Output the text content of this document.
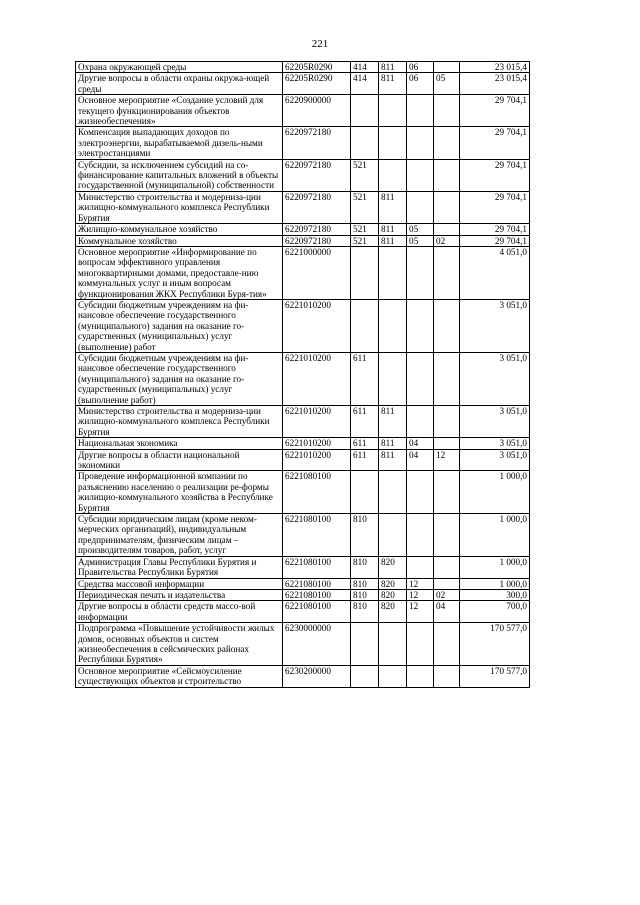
221
Охрана окружающей среды	62205R0290	414	811	06		23 015,4
Другие вопросы в области охраны окружа-ющей среды	62205R0290	414	811	06	05	23 015,4
Основное мероприятие «Создание условий для текущего функционирования объектов жизнеобеспечения»	6220900000					29 704,1
Компенсация выпадающих доходов по электроэнергии, вырабатываемой дизель-ными электростанциями	6220972180					29 704,1
Субсидии, за исключением субсидий на со-финансирование капитальных вложений в объекты государственной (муниципальной) собственности	6220972180	521				29 704,1
Министерство строительства и модерниза-ции жилищно-коммунального комплекса Республики Бурятия	6220972180	521	811			29 704,1
Жилищно-коммунальное хозяйство	6220972180	521	811	05		29 704,1
Коммунальное хозяйство	6220972180	521	811	05	02	29 704,1
Основное мероприятие «Информирование по вопросам эффективного управления многоквартирными домами, предоставле-нию коммунальных услуг и иным вопросам функционирования ЖКХ Республики Буря-тия»	6221000000					4 051,0
Субсидии бюджетным учреждениям на фи-нансовое обеспечение государственного (муниципального) задания на оказание го-сударственных (муниципальных) услуг (выполнение) работ	6221010200					3 051,0
Субсидии бюджетным учреждениям на фи-нансовое обеспечение государственного (муниципального) задания на оказание го-сударственных (муниципальных) услуг (выполнение работ)	6221010200	611				3 051,0
Министерство строительства и модерниза-ции жилищно-коммунального комплекса Республики Бурятия	6221010200	611	811			3 051,0
Национальная экономика	6221010200	611	811	04		3 051,0
Другие вопросы в области национальной экономики	6221010200	611	811	04	12	3 051,0
Проведение информационной компании по разъяснению населению о реализации ре-формы жилищно-коммунального хозяйства в Республике Бурятия	6221080100					1 000,0
Субсидии юридическим лицам (кроме неком-мерческих организаций), индивидуальным предпринимателям, физическим лицам – производителям товаров, работ, услуг	6221080100	810				1 000,0
Администрация Главы Республики Бурятия и Правительства Республики Бурятия	6221080100	810	820			1 000,0
Средства массовой информации	6221080100	810	820	12		1 000,0
Периодическая печать и издательства	6221080100	810	820	12	02	300,0
Другие вопросы в области средств массо-вой информации	6221080100	810	820	12	04	700,0
Подпрограмма «Повышение устойчивости жилых домов, основных объектов и систем жизнеобеспечения в сейсмических районах Республики Бурятия»	6230000000					170 577,0
Основное мероприятие «Сейсмоусиление существующих объектов и строительство	6230200000					170 577,0
